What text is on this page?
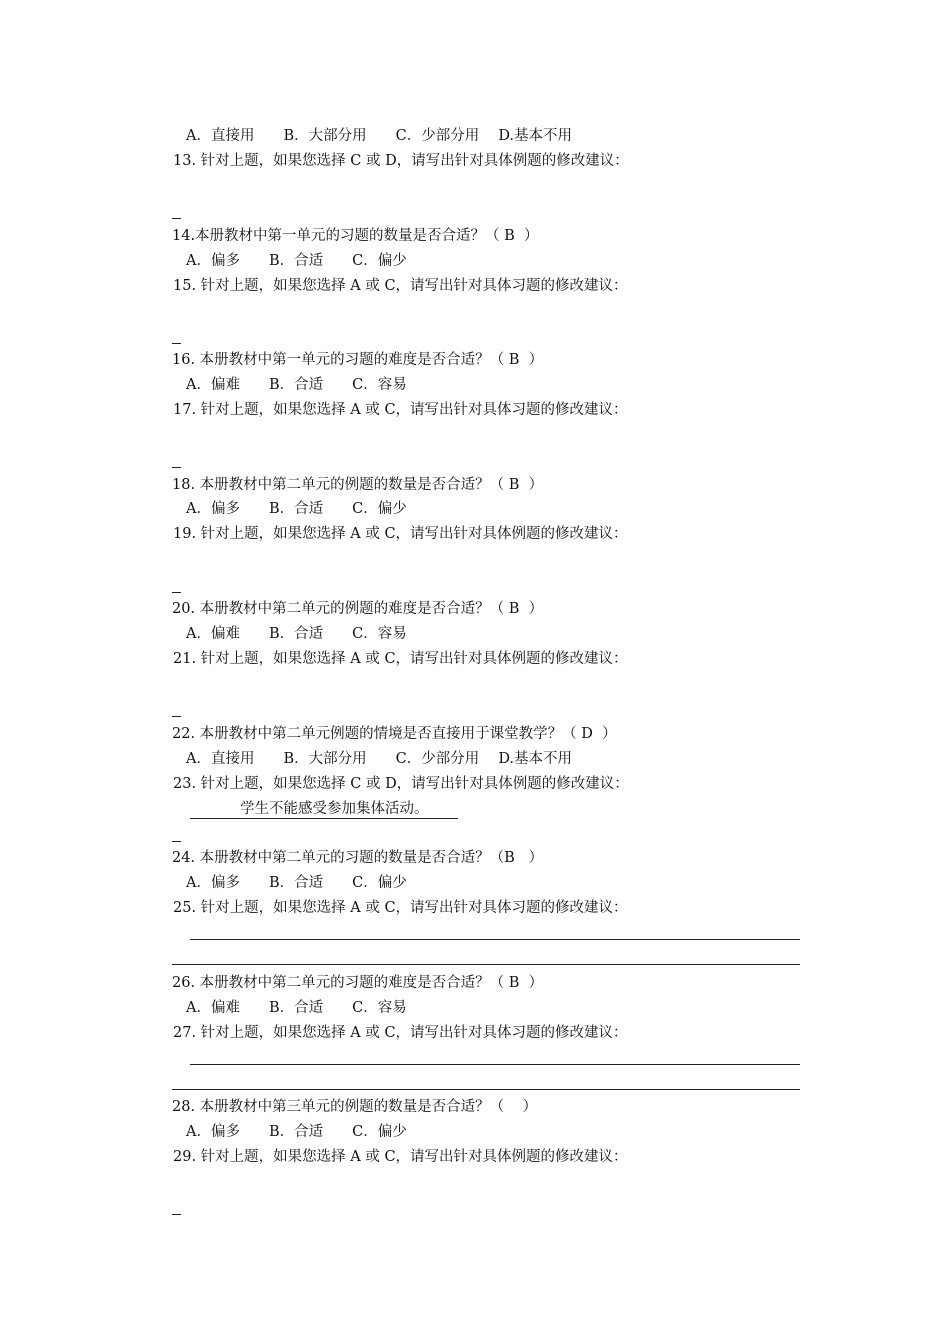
A．直接用　　B．大部分用　　C．少部分用　 D.基本不用
13. 针对上题，如果您选择 C 或 D，请写出针对具体例题的修改建议：
14.本册教材中第一单元的习题的数量是否合适？（ B  ）
A．偏多　　B．合适　　C．偏少
15. 针对上题，如果您选择 A 或 C，请写出针对具体习题的修改建议：
16. 本册教材中第一单元的习题的难度是否合适？（ B  ）
A．偏难　　B．合适　　C．容易
17. 针对上题，如果您选择 A 或 C，请写出针对具体习题的修改建议：
18. 本册教材中第二单元的例题的数量是否合适？（ B  ）
A．偏多　　B．合适　　C．偏少
19. 针对上题，如果您选择 A 或 C，请写出针对具体例题的修改建议：
20. 本册教材中第二单元的例题的难度是否合适？（ B  ）
A．偏难　　B．合适　　C．容易
21. 针对上题，如果您选择 A 或 C，请写出针对具体例题的修改建议：
22. 本册教材中第二单元例题的情境是否直接用于课堂教学？（ D  ）
A．直接用　　B．大部分用　　C．少部分用　 D.基本不用
23. 针对上题，如果您选择 C 或 D，请写出针对具体例题的修改建议：
学生不能感受参加集体活动。
24. 本册教材中第二单元的习题的数量是否合适？（B   ）
A．偏多　　B．合适　　C．偏少
25. 针对上题，如果您选择 A 或 C，请写出针对具体习题的修改建议：
26. 本册教材中第二单元的习题的难度是否合适？（ B  ）
A．偏难　　B．合适　　C．容易
27. 针对上题，如果您选择 A 或 C，请写出针对具体习题的修改建议：
28. 本册教材中第三单元的例题的数量是否合适？（    ）
A．偏多　　B．合适　　C．偏少
29. 针对上题，如果您选择 A 或 C，请写出针对具体例题的修改建议：
